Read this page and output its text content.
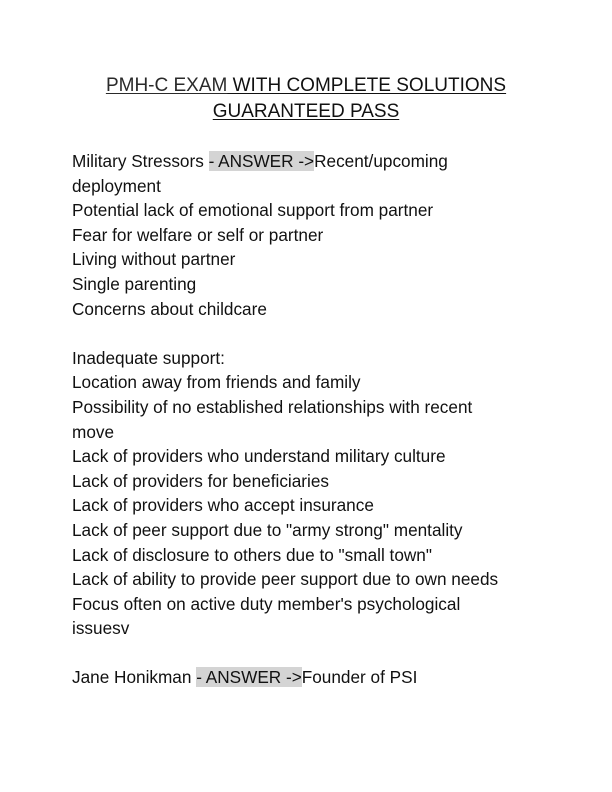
PMH-C EXAM WITH COMPLETE SOLUTIONS
GUARANTEED PASS
Military Stressors - ANSWER ->Recent/upcoming
deployment
Potential lack of emotional support from partner
Fear for welfare or self or partner
Living without partner
Single parenting
Concerns about childcare
Inadequate support:
Location away from friends and family
Possibility of no established relationships with recent
move
Lack of providers who understand military culture
Lack of providers for beneficiaries
Lack of providers who accept insurance
Lack of peer support due to "army strong" mentality
Lack of disclosure to others due to "small town"
Lack of ability to provide peer support due to own needs
Focus often on active duty member's psychological
issuesv
Jane Honikman - ANSWER ->Founder of PSI
